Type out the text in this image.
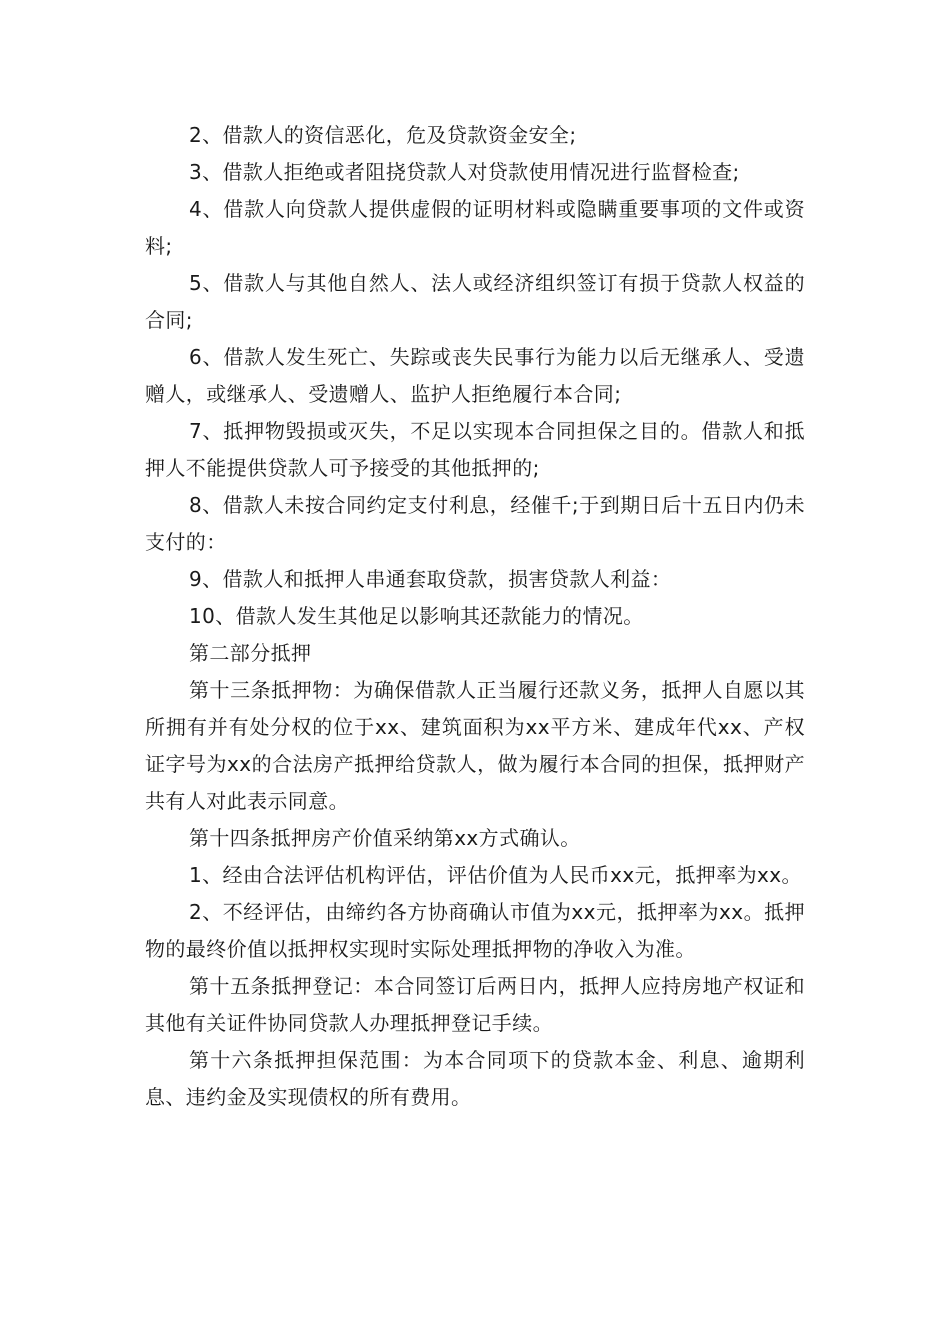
2、借款人的资信恶化，危及贷款资金安全;

3、借款人拒绝或者阻挠贷款人对贷款使用情况进行监督检查;

4、借款人向贷款人提供虚假的证明材料或隐瞒重要事项的文件或资料;

5、借款人与其他自然人、法人或经济组织签订有损于贷款人权益的合同;

6、借款人发生死亡、失踪或丧失民事行为能力以后无继承人、受遗赠人，或继承人、受遗赠人、监护人拒绝履行本合同;

7、抵押物毁损或灭失，不足以实现本合同担保之目的。借款人和抵押人不能提供贷款人可予接受的其他抵押的;

8、借款人未按合同约定支付利息，经催千;于到期日后十五日内仍未支付的：

9、借款人和抵押人串通套取贷款，损害贷款人利益：

10、借款人发生其他足以影响其还款能力的情况。

第二部分抵押

第十三条抵押物：为确保借款人正当履行还款义务，抵押人自愿以其所拥有并有处分权的位于xx、建筑面积为xx平方米、建成年代xx、产权证字号为xx的合法房产抵押给贷款人，做为履行本合同的担保，抵押财产共有人对此表示同意。

第十四条抵押房产价值采纳第xx方式确认。

1、经由合法评估机构评估，评估价值为人民币xx元，抵押率为xx。

2、不经评估，由缔约各方协商确认市值为xx元，抵押率为xx。抵押物的最终价值以抵押权实现时实际处理抵押物的净收入为准。

第十五条抵押登记：本合同签订后两日内，抵押人应持房地产权证和其他有关证件协同贷款人办理抵押登记手续。

第十六条抵押担保范围：为本合同项下的贷款本金、利息、逾期利息、违约金及实现债权的所有费用。
